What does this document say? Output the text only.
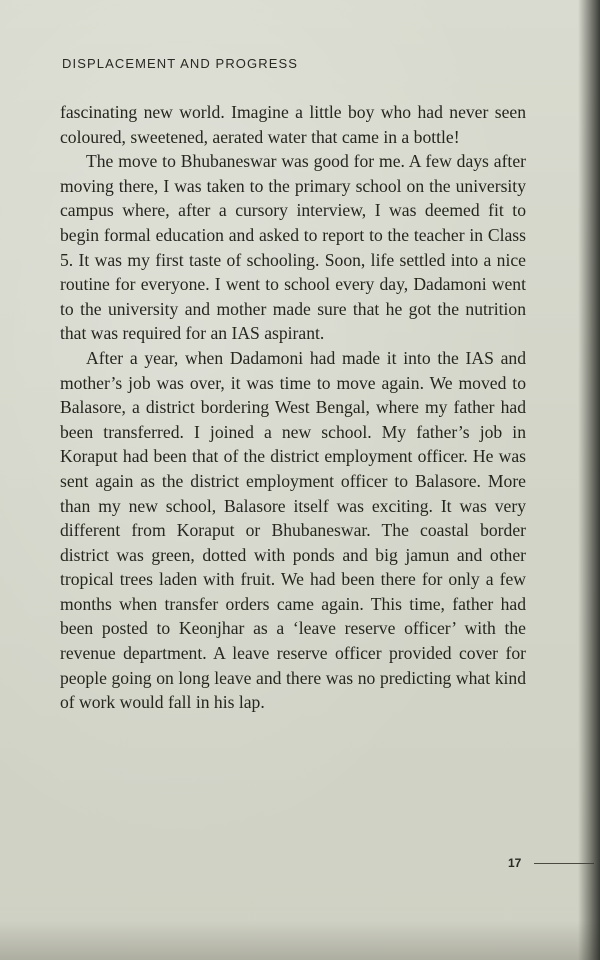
DISPLACEMENT AND PROGRESS

fascinating new world. Imagine a little boy who had never seen coloured, sweetened, aerated water that came in a bottle!

The move to Bhubaneswar was good for me. A few days after moving there, I was taken to the primary school on the university campus where, after a cursory interview, I was deemed fit to begin formal education and asked to report to the teacher in Class 5. It was my first taste of schooling. Soon, life settled into a nice routine for everyone. I went to school every day, Dadamoni went to the university and mother made sure that he got the nutrition that was required for an IAS aspirant.

After a year, when Dadamoni had made it into the IAS and mother’s job was over, it was time to move again. We moved to Balasore, a district bordering West Bengal, where my father had been transferred. I joined a new school. My father’s job in Koraput had been that of the district employment officer. He was sent again as the district employment officer to Balasore. More than my new school, Balasore itself was exciting. It was very different from Koraput or Bhubaneswar. The coastal border district was green, dotted with ponds and big jamun and other tropical trees laden with fruit. We had been there for only a few months when transfer orders came again. This time, father had been posted to Keonjhar as a ‘leave reserve officer’ with the revenue department. A leave reserve officer provided cover for people going on long leave and there was no predicting what kind of work would fall in his lap.

17
